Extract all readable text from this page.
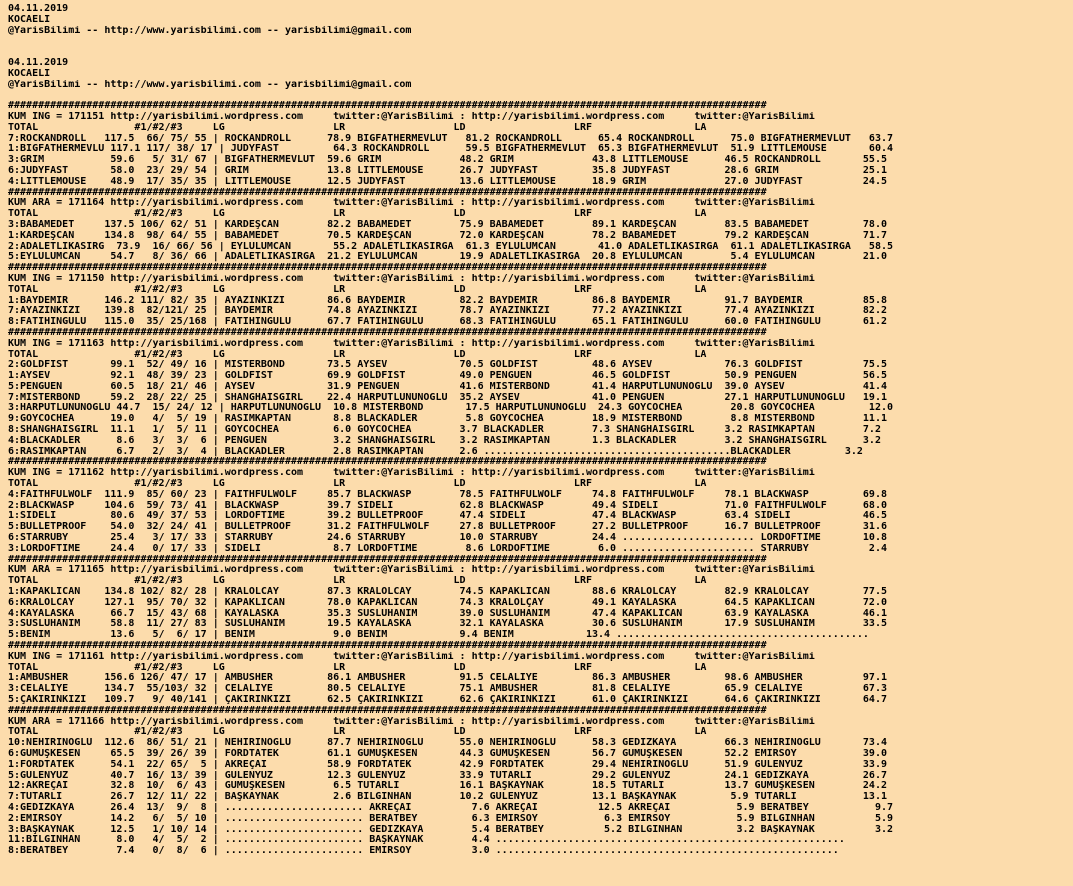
04.11.2019
KOCAELI
@YarisBilimi -- http://www.yarisbilimi.com -- yarisbilimi@gmail.com
04.11.2019
KOCAELI
@YarisBilimi -- http://www.yarisbilimi.com -- yarisbilimi@gmail.com
##############################################################################################################################
KUM ING = 171151 http://yarisbilimi.wordpress.com     twitter:@YarisBilimi : http://yarisbilimi.wordpress.com     twitter:@YarisBilimi
TOTAL                #1/#2/#3     LG                  LR                  LD                  LRF                 LA
7:ROCKANDROLL   117.5  66/ 75/ 55 | ROCKANDROLL      78.9 BIGFATHERMEVLÜT   81.2 ROCKANDROLL      65.4 ROCKANDROLL      75.0 BIGFATHERMEVLÜT   63.7
1:BIGFATHERMEVLÜ 117.1 117/ 38/ 17 | JUDYFAST         64.3 ROCKANDROLL      59.5 BIGFATHERMEVLÜT  65.3 BIGFATHERMEVLÜT  51.9 LITTLEMOUSE       60.4
3:GRIM           59.6   5/ 31/ 67 | BIGFATHERMEVLÜT  59.6 GRIM             48.2 GRIM             43.8 LITTLEMOUSE      46.5 ROCKANDROLL       55.5
6:JUDYFAST       58.0  23/ 29/ 54 | GRIM             13.8 LITTLEMOUSE      26.7 JUDYFAST         35.8 JUDYFAST         28.6 GRIM              25.1
4:LITTLEMOUSE    48.9  17/ 35/ 35 | LITTLEMOUSE      12.5 JUDYFAST         13.6 LITTLEMOUSE      18.9 GRIM             27.0 JUDYFAST          24.5
##############################################################################################################################
KUM ARA = 171164 http://yarisbilimi.wordpress.com     twitter:@YarisBilimi : http://yarisbilimi.wordpress.com     twitter:@YarisBilimi
TOTAL                #1/#2/#3     LG                  LR                  LD                  LRF                 LA
3:BABAMEDET     137.5 106/ 62/ 51 | KARDEŞCAN        82.2 BABAMEDET        75.9 BABAMEDET        89.1 KARDEŞCAN        83.5 BABAMEDET         78.0
1:KARDEŞCAN     134.8  98/ 64/ 55 | BABAMEDET        70.5 KARDEŞCAN        72.0 KARDEŞCAN        78.2 BABAMEDET        79.2 KARDEŞCAN         71.7
2:ADALETLİKASIRG  73.9  16/ 66/ 56 | EYLÜLÜMCAN       55.2 ADALETLİKASIRGA  61.3 EYLÜLÜMCAN       41.0 ADALETLİKASIRGA  61.1 ADALETLİKASIRGA   58.5
5:EYLÜLÜMCAN     54.7   8/ 36/ 66 | ADALETLİKASIRGA  21.2 EYLÜLÜMCAN       19.9 ADALETLİKASIRGA  20.8 EYLÜLÜMCAN        5.4 EYLÜLÜMCAN        21.0
##############################################################################################################################
KUM ING = 171150 http://yarisbilimi.wordpress.com     twitter:@YarisBilimi : http://yarisbilimi.wordpress.com     twitter:@YarisBilimi
TOTAL                #1/#2/#3     LG                  LR                  LD                  LRF                 LA
1:BAYDEMİR      146.2 111/ 82/ 35 | AYAZINKIZI       86.6 BAYDEMİR         82.2 BAYDEMİR         86.8 BAYDEMİR         91.7 BAYDEMİR          85.8
7:AYAZINKIZI    139.8  82/121/ 25 | BAYDEMİR         74.8 AYAZINKIZI       78.7 AYAZINKIZI       77.2 AYAZINKIZI       77.4 AYAZINKIZI        82.2
8:FATİHİNGÜLÜ   115.0  35/ 25/168 | FATİHİNGÜLÜ      67.7 FATİHİNGÜLÜ      68.3 FATİHİNGÜLÜ      65.1 FATİHİNGÜLÜ      60.0 FATİHİNGÜLÜ       61.2
##############################################################################################################################
KUM ING = 171163 http://yarisbilimi.wordpress.com     twitter:@YarisBilimi : http://yarisbilimi.wordpress.com     twitter:@YarisBilimi
TOTAL                #1/#2/#3     LG                  LR                  LD                  LRF                 LA
2:GOLDFIST       99.1  52/ 49/ 16 | MISTERBOND       73.5 AYSEV            70.5 GOLDFIST         48.6 AYSEV            76.3 GOLDFIST          75.5
1:AYSEV          92.1  48/ 39/ 23 | GOLDFIST         69.9 GOLDFIST         49.0 PENGUEN          46.5 GOLDFIST         50.9 PENGUEN           56.5
5:PENGUEN        60.5  18/ 21/ 46 | AYSEV            31.9 PENGUEN          41.6 MISTERBOND       41.4 HARPUTLUNUNOĞLU  39.0 AYSEV             41.4
7:MISTERBOND     59.2  28/ 22/ 25 | SHANGHAISGIRL    22.4 HARPUTLUNUNOĞLU  35.2 AYSEV            41.0 PENGUEN          27.1 HARPUTLUNUNOĞLU   19.1
3:HARPUTLUNUNOĞLU 44.7  15/ 24/ 12 | HARPUTLUNUNOĞLU  10.8 MISTERBOND       17.5 HARPUTLUNUNOĞLU  24.3 GOYCOCHEA        20.8 GOYCOCHEA         12.0
9:GOYCOCHEA      19.0   4/  5/ 19 | RASİMKAPTAN       8.8 BLACKADLER        5.8 GOYCOCHEA        18.9 MISTERBOND        8.8 MISTERBOND        11.1
8:SHANGHAISGIRL  11.1   1/  5/ 11 | GOYCOCHEA         6.0 GOYCOCHEA        3.7 BLACKADLER        7.3 SHANGHAISGIRL     3.2 RASİMKAPTAN        7.2
4:BLACKADLER      8.6   3/  3/  6 | PENGUEN           3.2 SHANGHAISGIRL    3.2 RASİMKAPTAN       1.3 BLACKADLER        3.2 SHANGHAISGIRL      3.2
6:RASİMKAPTAN     6.7   2/  3/  4 | BLACKADLER        2.8 RASİMKAPTAN      2.6 .........................................BLACKADLER         3.2
##############################################################################################################################
KUM ING = 171162 http://yarisbilimi.wordpress.com     twitter:@YarisBilimi : http://yarisbilimi.wordpress.com     twitter:@YarisBilimi
TOTAL                #1/#2/#3     LG                  LR                  LD                  LRF                 LA
4:FAITHFULWOLF  111.9  85/ 60/ 23 | FAITHFULWOLF     85.7 BLACKWASP        78.5 FAITHFULWOLF     74.8 FAITHFULWOLF     78.1 BLACKWASP         69.8
2:BLACKWASP     104.6  59/ 73/ 41 | BLACKWASP        39.7 SİDELİ           62.8 BLACKWASP        49.4 SİDELİ           71.0 FAITHFULWOLF      68.0
1:SİDELİ         80.6  49/ 37/ 53 | LORDOFTIME       39.2 BULLETPROOF      47.4 SİDELİ           47.4 BLACKWASP        63.4 SİDELİ            46.5
5:BULLETPROOF    54.0  32/ 24/ 41 | BULLETPROOF      31.2 FAITHFULWOLF     27.8 BULLETPROOF      27.2 BULLETPROOF      16.7 BULLETPROOF       31.6
6:STARRUBY       25.4   3/ 17/ 33 | STARRUBY         24.6 STARRUBY         10.0 STARRUBY         24.4 ...................... LORDOFTIME       10.8
3:LORDOFTIME     24.4   0/ 17/ 33 | SİDELİ            8.7 LORDOFTIME        8.6 LORDOFTIME        6.0 ...................... STARRUBY          2.4
##############################################################################################################################
KUM ARA = 171165 http://yarisbilimi.wordpress.com     twitter:@YarisBilimi : http://yarisbilimi.wordpress.com     twitter:@YarisBilimi
TOTAL                #1/#2/#3     LG                  LR                  LD                  LRF                 LA
1:KAPAKLICAN    134.8 102/ 82/ 28 | KRALOLCAY        87.3 KRALOLCAY        74.5 KAPAKLICAN       88.6 KRALOLCAY        82.9 KRALOLCAY         77.5
6:KRALOLCAY     127.1  95/ 70/ 32 | KAPAKLICAN       78.0 KAPAKLICAN       74.3 KRALOLÇAY        49.1 KAYALASKA        64.5 KAPAKLICAN        72.0
4:KAYALASKA      66.7  15/ 43/ 68 | KAYALASKA        35.3 SUSLUHANIM       39.0 SUSLUHANIM       47.4 KAPAKLICAN       63.9 KAYALASKA         46.1
3:SUSLUHANIM     58.8  11/ 27/ 83 | SUSLUHANIM       19.5 KAYALASKA        32.1 KAYALASKA        30.6 SUSLUHANIM       17.9 SUSLUHANIM        33.5
5:BENİM          13.6   5/  6/ 17 | BENİM             9.0 BENİM            9.4 BENİM            13.4 ..........................................
##############################################################################################################################
KUM ING = 171161 http://yarisbilimi.wordpress.com     twitter:@YarisBilimi : http://yarisbilimi.wordpress.com     twitter:@YarisBilimi
TOTAL                #1/#2/#3     LG                  LR                  LD                  LRF                 LA
1:AMBUSHER      156.6 126/ 47/ 17 | AMBUSHER         86.1 AMBUSHER         91.5 CELALİYE         86.3 AMBUSHER         98.6 AMBUSHER          97.1
3:CELALİYE      134.7  55/103/ 32 | CELALİYE         80.5 CELALİYE         75.1 AMBUSHER         81.8 CELALİYE         65.9 CELALİYE          67.3
5:ÇAKIRINKIZI   109.7   9/ 40/141 | ÇAKIRINKIZI      62.5 ÇAKIRINKIZI      62.6 ÇAKIRINKIZI      61.0 ÇAKIRINKIZI      64.6 ÇAKIRINKIZI       64.7
##############################################################################################################################
KUM ARA = 171166 http://yarisbilimi.wordpress.com     twitter:@YarisBilimi : http://yarisbilimi.wordpress.com     twitter:@YarisBilimi
TOTAL                #1/#2/#3     LG                  LR                  LD                  LRF                 LA
10:NEHİRİNOĞLU  112.6  86/ 51/ 21 | NEHİRİNOĞLU      87.7 NEHİRİNOĞLU      55.0 NEHİRİNOĞLU      58.3 GEDİZKAYA        66.3 NEHİRİNOĞLU       73.4
6:GÜMÜŞKESEN     65.5  39/ 26/ 39 | FORDTATEK        61.1 GÜMÜŞKESEN       44.3 GÜMÜŞKESEN       56.7 GÜMÜŞKESEN       52.2 EMİRSOY           39.0
1:FORDTATEK      54.1  22/ 65/  5 | AKREÇAİ          58.9 FORDTATEK        42.9 FORDTATEK        29.4 NEHİRİNOĞLU      51.9 GÜLENYÜZ          33.9
5:GÜLENYÜZ       40.7  16/ 13/ 39 | GÜLENYÜZ         12.3 GÜLENYÜZ         33.9 TUTARLI          29.2 GÜLENYÜZ         24.1 GEDİZKAYA         26.7
12:AKREÇAİ       32.8  10/  6/ 43 | GÜMÜŞKESEN        6.5 TUTARLI          16.1 BAŞKAYNAK        18.5 TUTARLI          13.7 GÜMÜŞKESEN        24.2
7:TUTARLI        26.7  12/ 11/ 22 | BAŞKAYNAK         2.6 BİLGİNHAN        10.2 GÜLENYÜZ         13.1 BAŞKAYNAK         5.9 TUTARLI           13.1
4:GEDİZKAYA      26.4  13/  9/  8 | ....................... AKREÇAİ          7.6 AKREÇAİ          12.5 AKREÇAİ           5.9 BERATBEY           9.7
2:EMİRSOY        14.2   6/  5/ 10 | ....................... BERATBEY         6.3 EMİRSOY           6.3 EMİRSOY           5.9 BİLGİNHAN          5.9
3:BAŞKAYNAK      12.5   1/ 10/ 14 | ....................... GEDİZKAYA        5.4 BERATBEY          5.2 BİLGİNHAN         3.2 BAŞKAYNAK          3.2
11:BİLGİNHAN      8.0   4/  5/  2 | ....................... BAŞKAYNAK        4.4 ..........................................................
8:BERATBEY        7.4   0/  8/  6 | ....................... EMİRSOY          3.0 .........................................................
